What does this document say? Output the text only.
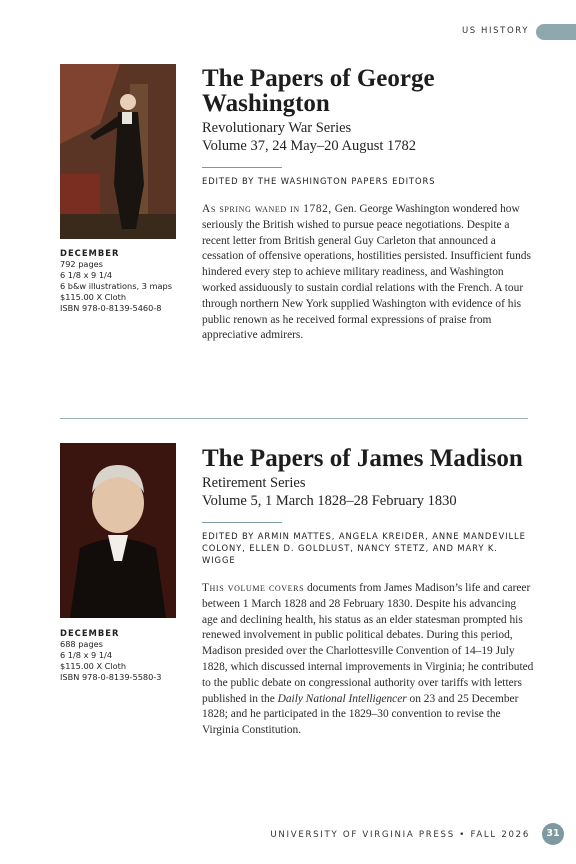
US HISTORY
DECEMBER
792 pages
6 1/8 x 9 1/4
6 b&w illustrations, 3 maps
$115.00 X Cloth
ISBN 978-0-8139-5460-8
The Papers of George Washington
Revolutionary War Series
Volume 37, 24 May–20 August 1782
EDITED BY THE WASHINGTON PAPERS EDITORS
As spring waned in 1782, Gen. George Washington wondered how seriously the British wished to pursue peace negotiations. Despite a recent letter from British general Guy Carleton that announced a cessation of offensive operations, hostilities persisted. Insufficient funds hindered every step to achieve military readiness, and Washington worked assiduously to sustain cordial relations with the French. A tour through northern New York supplied Washington with evidence of his public renown as he received formal expressions of praise from appreciative admirers.
DECEMBER
688 pages
6 1/8 x 9 1/4
$115.00 X Cloth
ISBN 978-0-8139-5580-3
The Papers of James Madison
Retirement Series
Volume 5, 1 March 1828–28 February 1830
EDITED BY ARMIN MATTES, ANGELA KREIDER, ANNE MANDEVILLE COLONY, ELLEN D. GOLDLUST, NANCY STETZ, AND MARY K. WIGGE
This volume covers documents from James Madison’s life and career between 1 March 1828 and 28 February 1830. Despite his advancing age and declining health, his status as an elder statesman prompted his renewed involvement in public political debates. During this period, Madison presided over the Charlottesville Convention of 14–19 July 1828, which discussed internal improvements in Virginia; he contributed to the public debate on congressional authority over tariffs with letters published in the Daily National Intelligencer on 23 and 25 December 1828; and he participated in the 1829–30 convention to revise the Virginia Constitution.
UNIVERSITY OF VIRGINIA PRESS • FALL 2026	31
